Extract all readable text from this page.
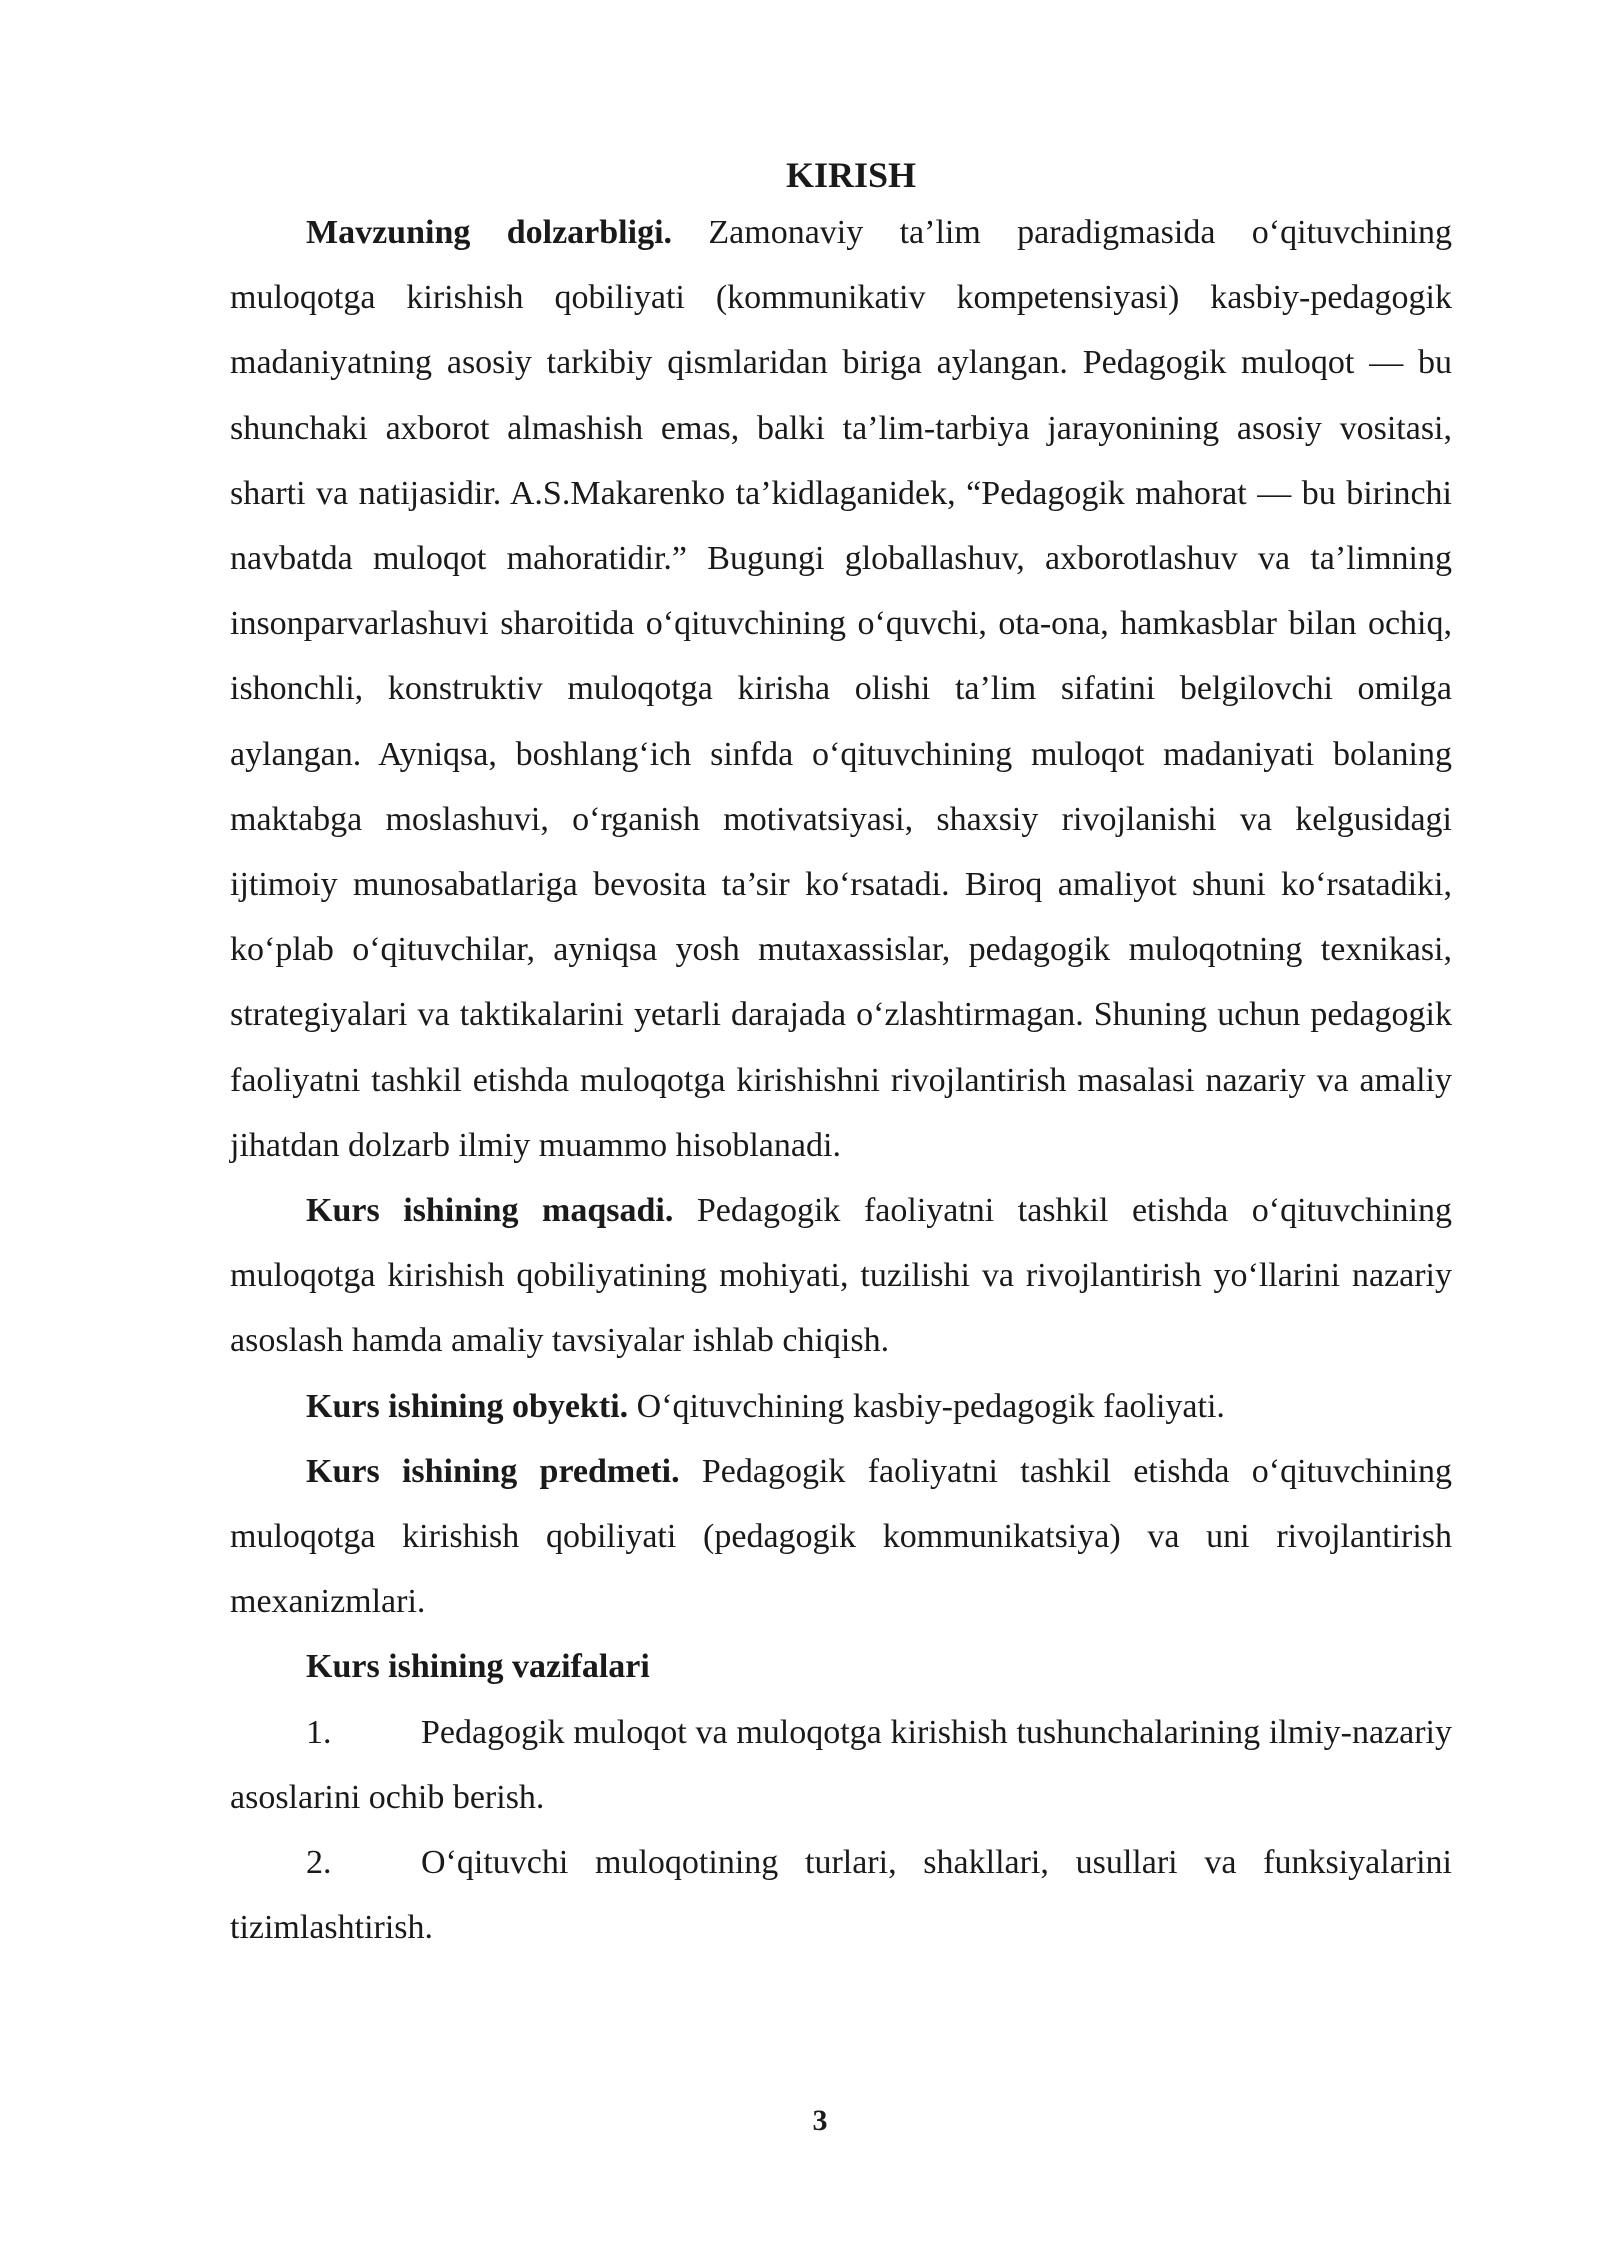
KIRISH

Mavzuning dolzarbligi. Zamonaviy ta’lim paradigmasida o‘qituvchining muloqotga kirishish qobiliyati (kommunikativ kompetensiyasi) kasbiy-pedagogik madaniyatning asosiy tarkibiy qismlaridan biriga aylangan. Pedagogik muloqot — bu shunchaki axborot almashish emas, balki ta’lim-tarbiya jarayonining asosiy vositasi, sharti va natijasidir. A.S.Makarenko ta’kidlaganidek, “Pedagogik mahorat — bu birinchi navbatda muloqot mahoratidir.” Bugungi globallashuv, axborotlashuv va ta’limning insonparvarlashuvi sharoitida o‘qituvchining o‘quvchi, ota-ona, hamkasblar bilan ochiq, ishonchli, konstruktiv muloqotga kirisha olishi ta’lim sifatini belgilovchi omilga aylangan. Ayniqsa, boshlang‘ich sinfda o‘qituvchining muloqot madaniyati bolaning maktabga moslashuvi, o‘rganish motivatsiyasi, shaxsiy rivojlanishi va kelgusidagi ijtimoiy munosabatlariga bevosita ta’sir ko‘rsatadi. Biroq amaliyot shuni ko‘rsatadiki, ko‘plab o‘qituvchilar, ayniqsa yosh mutaxassislar, pedagogik muloqotning texnikasi, strategiyalari va taktikalarini yetarli darajada o‘zlashtirmagan. Shuning uchun pedagogik faoliyatni tashkil etishda muloqotga kirishishni rivojlantirish masalasi nazariy va amaliy jihatdan dolzarb ilmiy muammo hisoblanadi.

Kurs ishining maqsadi. Pedagogik faoliyatni tashkil etishda o‘qituvchining muloqotga kirishish qobiliyatining mohiyati, tuzilishi va rivojlantirish yo‘llarini nazariy asoslash hamda amaliy tavsiyalar ishlab chiqish.

Kurs ishining obyekti. O‘qituvchining kasbiy-pedagogik faoliyati.

Kurs ishining predmeti. Pedagogik faoliyatni tashkil etishda o‘qituvchining muloqotga kirishish qobiliyati (pedagogik kommunikatsiya) va uni rivojlantirish mexanizmlari.

Kurs ishining vazifalari

1.	Pedagogik muloqot va muloqotga kirishish tushunchalarining ilmiy-nazariy asoslarini ochib berish.

2.	O‘qituvchi muloqotining turlari, shakllari, usullari va funksiyalarini tizimlashtirish.

3
